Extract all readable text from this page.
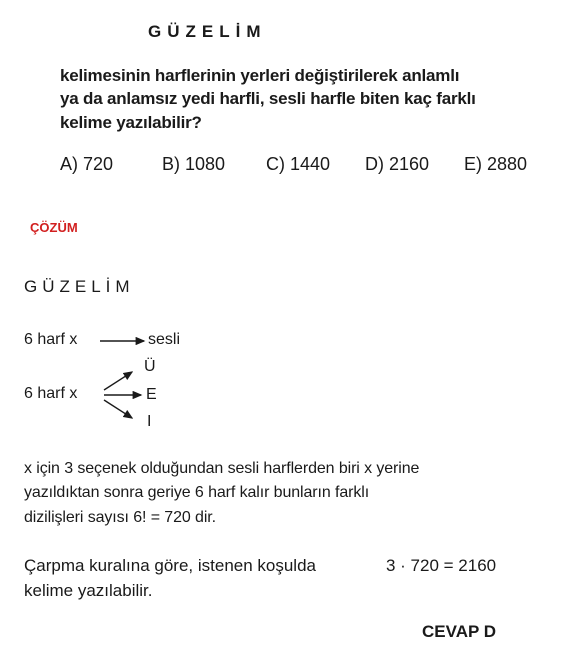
GÜZELİM
kelimesinin harflerinin yerleri değiştirilerek anlamlı
ya da anlamsız yedi harfli, sesli harfle biten kaç farklı
kelime yazılabilir?
A) 720	B) 1080 C) 1440 D) 2160 E) 2880
ÇÖZÜM
GÜZELİM
6 harf x	sesli
6 harf x
Ü
E
I
x için 3 seçenek olduğundan sesli harflerden biri x yerine
yazıldıktan sonra geriye 6 harf kalır bunların farklı
dizilişleri sayısı 6! = 720 dir.
Çarpma kuralına göre, istenen koşulda	3 · 720 = 2160
kelime yazılabilir.
CEVAP D
